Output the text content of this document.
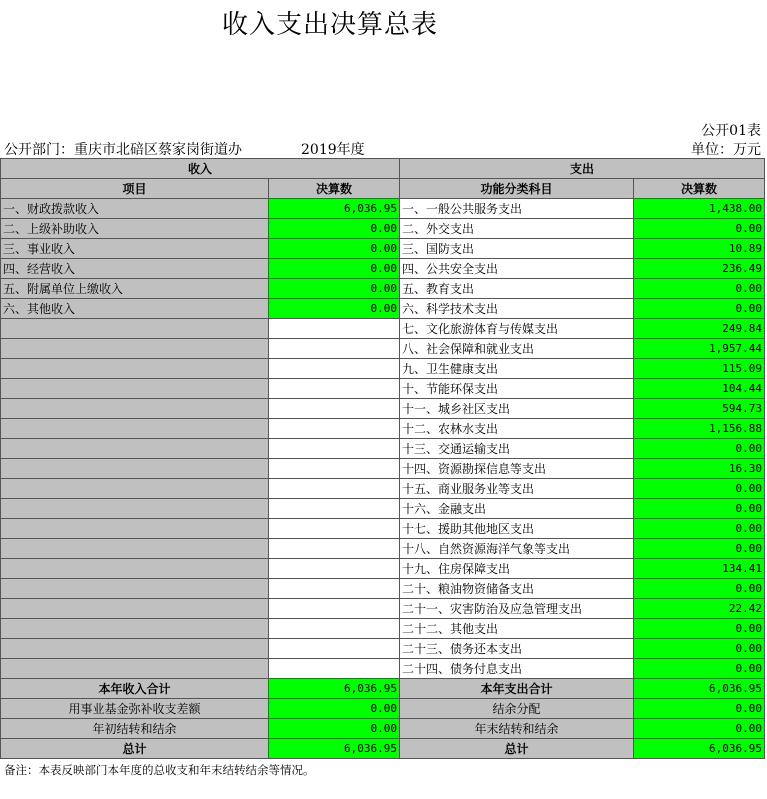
收入支出决算总表
公开01表
单位：万元
公开部门：重庆市北碚区蔡家岗街道办	2019年度
收入		支出	
项目	决算数	功能分类科目	决算数
一、财政拨款收入	6,036.95	一、一般公共服务支出	1,438.00
二、上级补助收入	0.00	二、外交支出	0.00
三、事业收入	0.00	三、国防支出	10.89
四、经营收入	0.00	四、公共安全支出	236.49
五、附属单位上缴收入	0.00	五、教育支出	0.00
六、其他收入	0.00	六、科学技术支出	0.00
		七、文化旅游体育与传媒支出	249.84
		八、社会保障和就业支出	1,957.44
		九、卫生健康支出	115.09
		十、节能环保支出	104.44
		十一、城乡社区支出	594.73
		十二、农林水支出	1,156.88
		十三、交通运输支出	0.00
		十四、资源勘探信息等支出	16.30
		十五、商业服务业等支出	0.00
		十六、金融支出	0.00
		十七、援助其他地区支出	0.00
		十八、自然资源海洋气象等支出	0.00
		十九、住房保障支出	134.41
		二十、粮油物资储备支出	0.00
		二十一、灾害防治及应急管理支出	22.42
		二十二、其他支出	0.00
		二十三、债务还本支出	0.00
		二十四、债务付息支出	0.00
本年收入合计	6,036.95	本年支出合计	6,036.95
用事业基金弥补收支差额	0.00	结余分配	0.00
年初结转和结余	0.00	年末结转和结余	0.00
总计	6,036.95	总计	6,036.95
备注：本表反映部门本年度的总收支和年末结转结余等情况。
